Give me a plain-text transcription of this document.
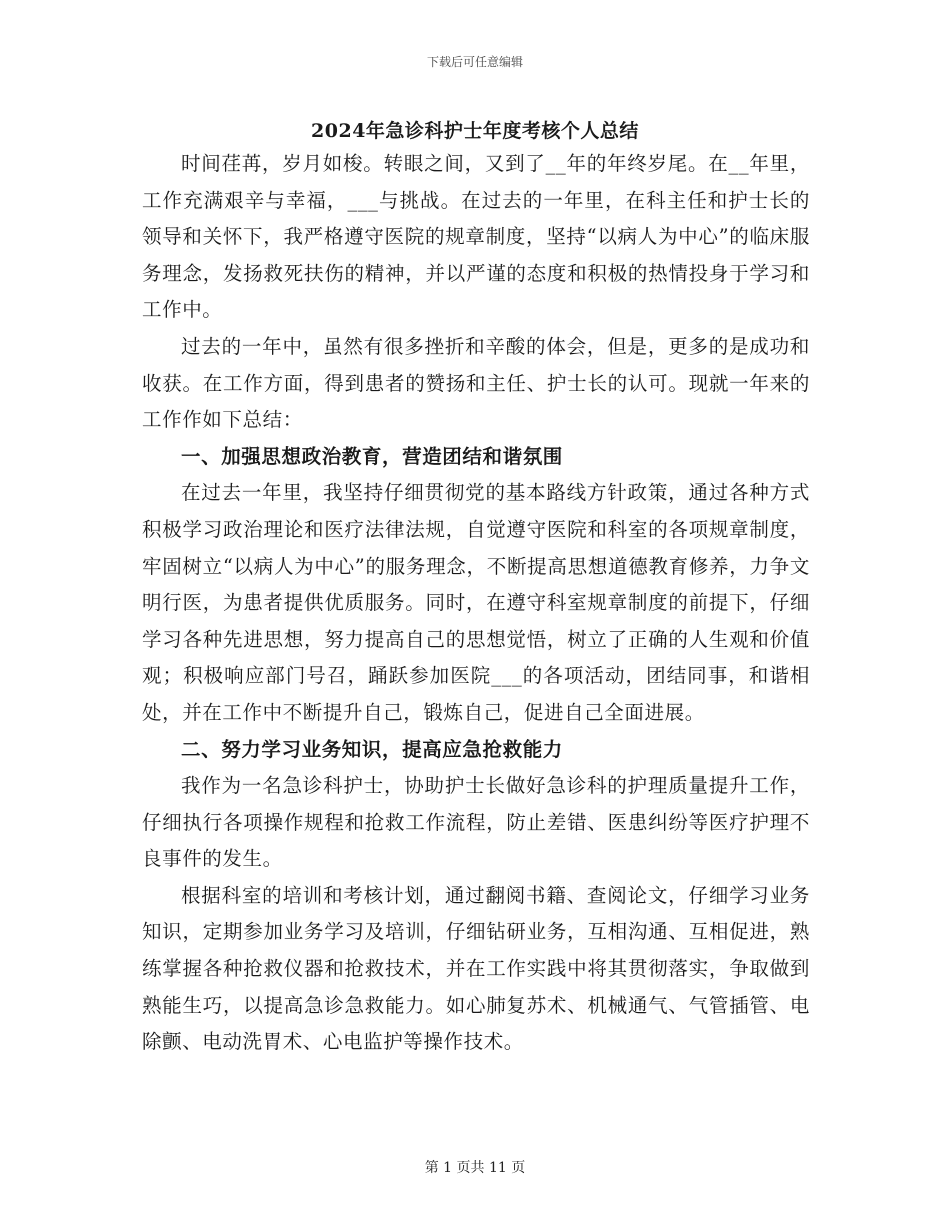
下载后可任意编辑
2024年急诊科护士年度考核个人总结

时间荏苒，岁月如梭。转眼之间，又到了__年的年终岁尾。在__年里，工作充满艰辛与幸福，___与挑战。在过去的一年里，在科主任和护士长的领导和关怀下，我严格遵守医院的规章制度，坚持“以病人为中心”的临床服务理念，发扬救死扶伤的精神，并以严谨的态度和积极的热情投身于学习和工作中。

过去的一年中，虽然有很多挫折和辛酸的体会，但是，更多的是成功和收获。在工作方面，得到患者的赞扬和主任、护士长的认可。现就一年来的工作作如下总结：

一、加强思想政治教育，营造团结和谐氛围

在过去一年里，我坚持仔细贯彻党的基本路线方针政策，通过各种方式积极学习政治理论和医疗法律法规，自觉遵守医院和科室的各项规章制度，牢固树立“以病人为中心”的服务理念，不断提高思想道德教育修养，力争文明行医，为患者提供优质服务。同时，在遵守科室规章制度的前提下，仔细学习各种先进思想，努力提高自己的思想觉悟，树立了正确的人生观和价值观；积极响应部门号召，踊跃参加医院___的各项活动，团结同事，和谐相处，并在工作中不断提升自己，锻炼自己，促进自己全面进展。

二、努力学习业务知识，提高应急抢救能力

我作为一名急诊科护士，协助护士长做好急诊科的护理质量提升工作，仔细执行各项操作规程和抢救工作流程，防止差错、医患纠纷等医疗护理不良事件的发生。

根据科室的培训和考核计划，通过翻阅书籍、查阅论文，仔细学习业务知识，定期参加业务学习及培训，仔细钻研业务，互相沟通、互相促进，熟练掌握各种抢救仪器和抢救技术，并在工作实践中将其贯彻落实，争取做到熟能生巧，以提高急诊急救能力。如心肺复苏术、机械通气、气管插管、电除颤、电动洗胃术、心电监护等操作技术。

第 1 页共 11 页
